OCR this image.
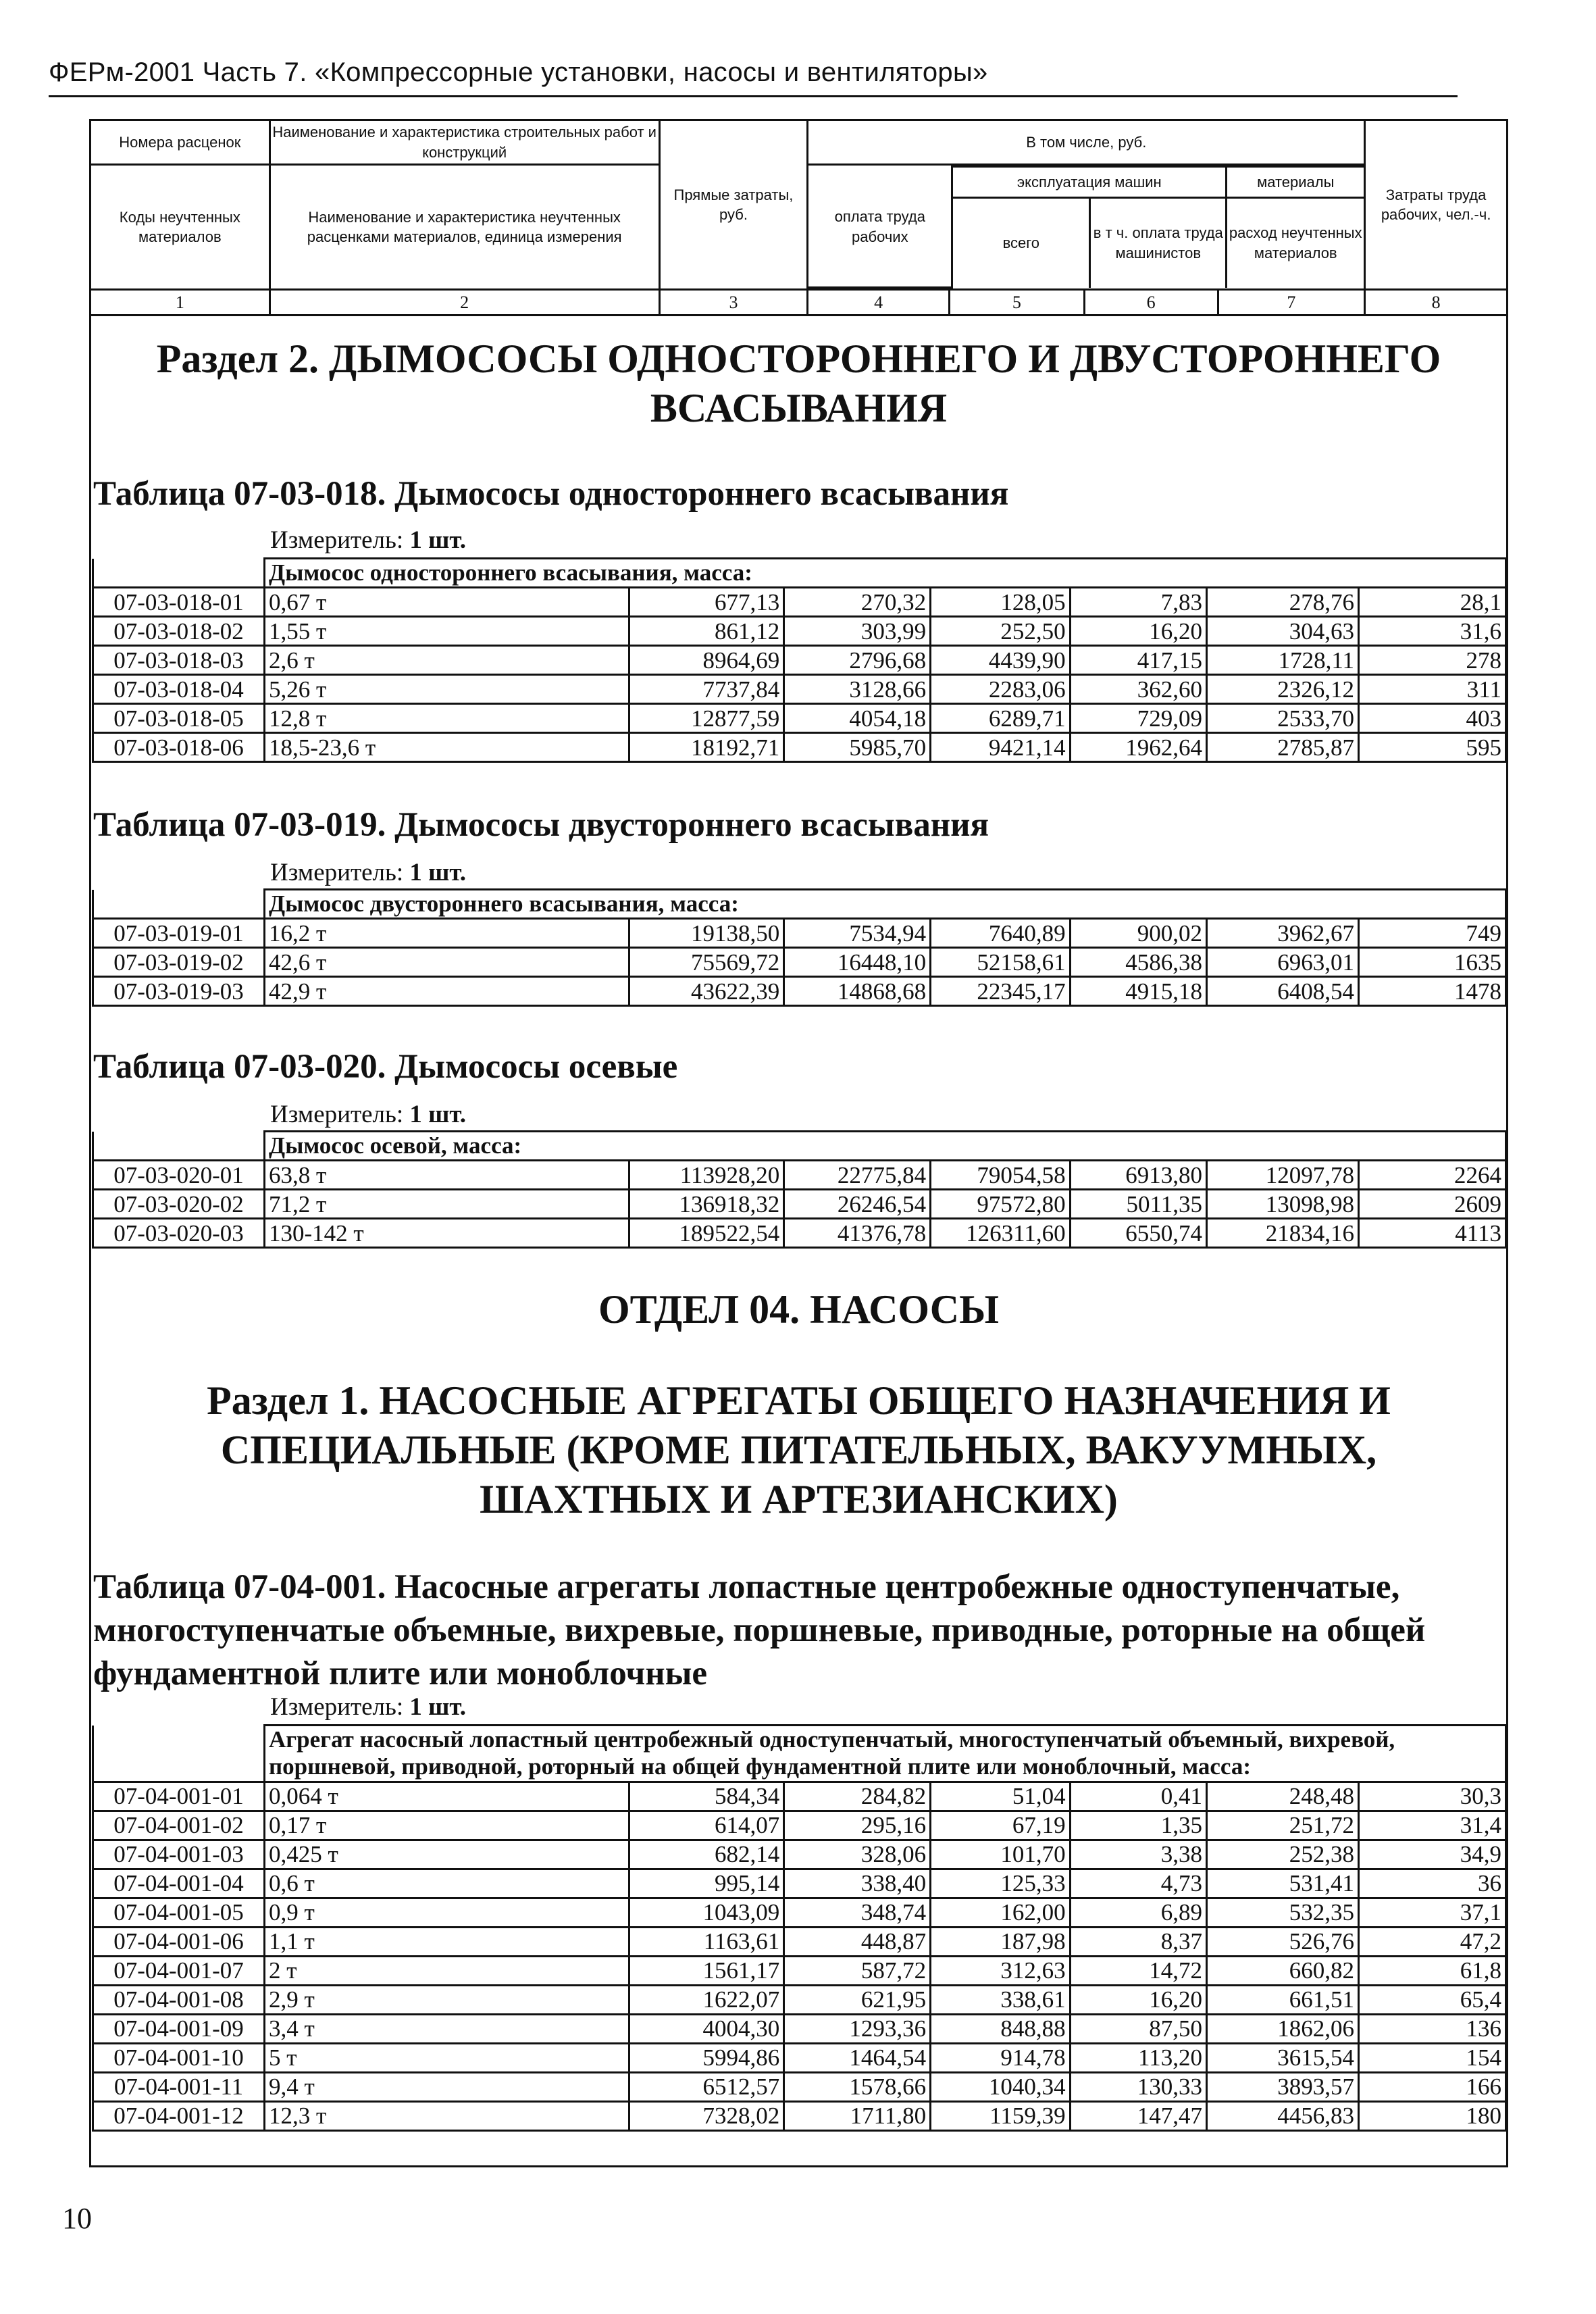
ФЕРм-2001 Часть 7. «Компрессорные установки, насосы и вентиляторы»
Номера расценок	Наименование и характеристика строительных работ и конструкций	Прямые затраты, руб.	В том числе, руб.	Затраты труда рабочих, чел.-ч.
Коды неучтенных материалов	Наименование и характеристика неучтенных расценками материалов, единица измерения	
оплата труда рабочих	эксплуатация машин	материалы
всего	в т ч. оплата труда машинистов	расход неучтенных материалов

1	2	3	4	5	6	7	8
Раздел 2. ДЫМОСОСЫ ОДНОСТОРОННЕГО И ДВУСТОРОННЕГО ВСАСЫВАНИЯ
Таблица 07-03-018. Дымососы одностороннего всасывания
Измеритель: 1 шт.
	Дымосос одностороннего всасывания, масса:						
07-03-018-01	0,67 т	677,13	270,32	128,05	7,83	278,76	28,1
07-03-018-02	1,55 т	861,12	303,99	252,50	16,20	304,63	31,6
07-03-018-03	2,6 т	8964,69	2796,68	4439,90	417,15	1728,11	278
07-03-018-04	5,26 т	7737,84	3128,66	2283,06	362,60	2326,12	311
07-03-018-05	12,8 т	12877,59	4054,18	6289,71	729,09	2533,70	403
07-03-018-06	18,5-23,6 т	18192,71	5985,70	9421,14	1962,64	2785,87	595
Таблица 07-03-019. Дымососы двустороннего всасывания
Измеритель: 1 шт.
	Дымосос двустороннего всасывания, масса:						
07-03-019-01	16,2 т	19138,50	7534,94	7640,89	900,02	3962,67	749
07-03-019-02	42,6 т	75569,72	16448,10	52158,61	4586,38	6963,01	1635
07-03-019-03	42,9 т	43622,39	14868,68	22345,17	4915,18	6408,54	1478
Таблица 07-03-020. Дымососы осевые
Измеритель: 1 шт.
	Дымосос осевой, масса:						
07-03-020-01	63,8 т	113928,20	22775,84	79054,58	6913,80	12097,78	2264
07-03-020-02	71,2 т	136918,32	26246,54	97572,80	5011,35	13098,98	2609
07-03-020-03	130-142 т	189522,54	41376,78	126311,60	6550,74	21834,16	4113
ОТДЕЛ 04. НАСОСЫ
Раздел 1. НАСОСНЫЕ АГРЕГАТЫ ОБЩЕГО НАЗНАЧЕНИЯ И СПЕЦИАЛЬНЫЕ (КРОМЕ ПИТАТЕЛЬНЫХ, ВАКУУМНЫХ, ШАХТНЫХ И АРТЕЗИАНСКИХ)
Таблица 07-04-001. Насосные агрегаты лопастные центробежные одноступенчатые, многоступенчатые объемные, вихревые, поршневые, приводные, роторные на общей фундаментной плите или моноблочные
Измеритель: 1 шт.
	Агрегат насосный лопастный центробежный одноступенчатый, многоступенчатый объемный, вихревой, поршневой, приводной, роторный на общей фундаментной плите или моноблочный, масса:						
07-04-001-01	0,064 т	584,34	284,82	51,04	0,41	248,48	30,3
07-04-001-02	0,17 т	614,07	295,16	67,19	1,35	251,72	31,4
07-04-001-03	0,425 т	682,14	328,06	101,70	3,38	252,38	34,9
07-04-001-04	0,6 т	995,14	338,40	125,33	4,73	531,41	36
07-04-001-05	0,9 т	1043,09	348,74	162,00	6,89	532,35	37,1
07-04-001-06	1,1 т	1163,61	448,87	187,98	8,37	526,76	47,2
07-04-001-07	2 т	1561,17	587,72	312,63	14,72	660,82	61,8
07-04-001-08	2,9 т	1622,07	621,95	338,61	16,20	661,51	65,4
07-04-001-09	3,4 т	4004,30	1293,36	848,88	87,50	1862,06	136
07-04-001-10	5 т	5994,86	1464,54	914,78	113,20	3615,54	154
07-04-001-11	9,4 т	6512,57	1578,66	1040,34	130,33	3893,57	166
07-04-001-12	12,3 т	7328,02	1711,80	1159,39	147,47	4456,83	180
10
